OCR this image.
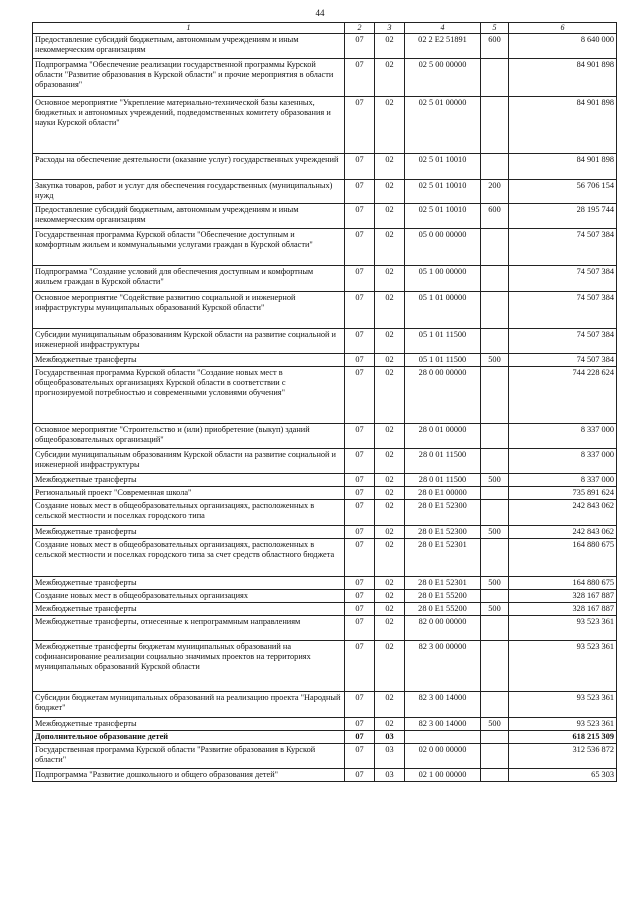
44
1	2	3	4	5	6
Предоставление субсидий бюджетным, автономным учреждениям и иным некоммерческим организациям	07	02	02 2 E2 51891	600	8 640 000
Подпрограмма "Обеспечение реализации государственной программы Курской области "Развитие образования в Курской области" и прочие мероприятия в области образования"	07	02	02 5 00 00000		84 901 898
Основное мероприятие "Укрепление материально-технической базы казенных, бюджетных и автономных учреждений, подведомственных комитету образования и науки Курской области"	07	02	02 5 01 00000		84 901 898
Расходы на обеспечение деятельности (оказание услуг) государственных учреждений	07	02	02 5 01 10010		84 901 898
Закупка товаров, работ и услуг для обеспечения государственных (муниципальных) нужд	07	02	02 5 01 10010	200	56 706 154
Предоставление субсидий бюджетным, автономным учреждениям и иным некоммерческим организациям	07	02	02 5 01 10010	600	28 195 744
Государственная программа Курской области "Обеспечение доступным и комфортным жильем и коммунальными услугами граждан в Курской области"	07	02	05 0 00 00000		74 507 384
Подпрограмма "Создание условий для обеспечения доступным и комфортным жильем граждан в Курской области"	07	02	05 1 00 00000		74 507 384
Основное мероприятие "Содействие развитию социальной и инженерной инфраструктуры муниципальных образований Курской области"	07	02	05 1 01 00000		74 507 384
Субсидии муниципальным образованиям Курской области на развитие социальной и инженерной инфраструктуры	07	02	05 1 01 11500		74 507 384
Межбюджетные трансферты	07	02	05 1 01 11500	500	74 507 384
Государственная программа Курской области "Создание новых мест в общеобразовательных организациях Курской области в соответствии с прогнозируемой потребностью и современными условиями обучения"	07	02	28 0 00 00000		744 228 624
Основное мероприятие "Строительство и (или) приобретение (выкуп) зданий общеобразовательных организаций"	07	02	28 0 01 00000		8 337 000
Субсидии муниципальным образованиям Курской области на развитие социальной и инженерной инфраструктуры	07	02	28 0 01 11500		8 337 000
Межбюджетные трансферты	07	02	28 0 01 11500	500	8 337 000
Региональный проект "Современная школа"	07	02	28 0 E1 00000		735 891 624
Создание новых мест в общеобразовательных организациях, расположенных в сельской местности и поселках городского типа	07	02	28 0 E1 52300		242 843 062
Межбюджетные трансферты	07	02	28 0 E1 52300	500	242 843 062
Создание новых мест в общеобразовательных организациях, расположенных в сельской местности и поселках городского типа за счет средств областного бюджета	07	02	28 0 E1 52301		164 880 675
Межбюджетные трансферты	07	02	28 0 E1 52301	500	164 880 675
Создание новых мест в общеобразовательных организациях	07	02	28 0 E1 55200		328 167 887
Межбюджетные трансферты	07	02	28 0 E1 55200	500	328 167 887
Межбюджетные трансферты, отнесенные к непрограммным направлениям	07	02	82 0 00 00000		93 523 361
Межбюджетные трансферты бюджетам муниципальных образований на софинансирование реализации социально значимых проектов на территориях муниципальных образований Курской области	07	02	82 3 00 00000		93 523 361
Субсидии бюджетам муниципальных образований на реализацию проекта "Народный бюджет"	07	02	82 3 00 14000		93 523 361
Межбюджетные трансферты	07	02	82 3 00 14000	500	93 523 361
Дополнительное образование детей	07	03			618 215 309
Государственная программа Курской области "Развитие образования в Курской области"	07	03	02 0 00 00000		312 536 872
Подпрограмма "Развитие дошкольного и общего образования детей"	07	03	02 1 00 00000		65 303
